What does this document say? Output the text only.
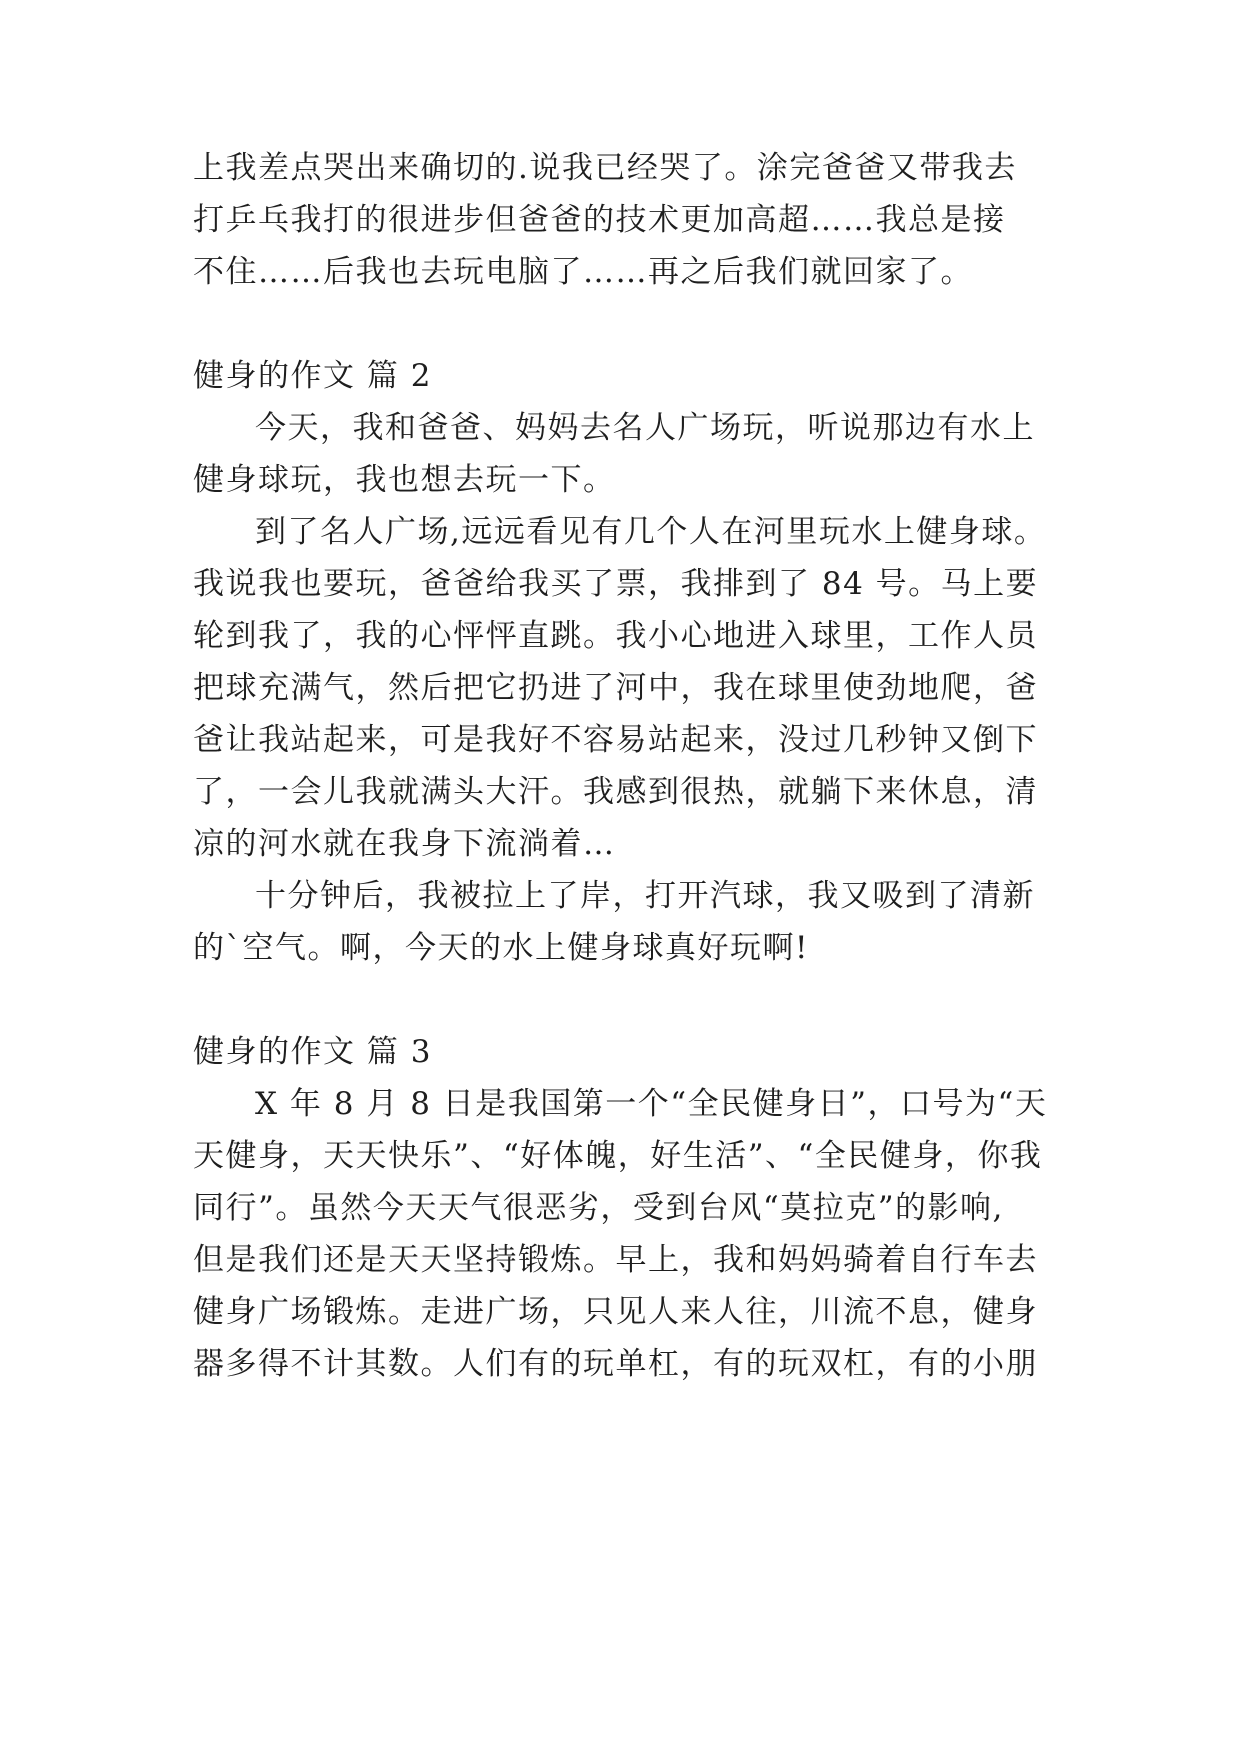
上我差点哭出来确切的.说我已经哭了。涂完爸爸又带我去
打乒乓我打的很进步但爸爸的技术更加高超……我总是接
不住……后我也去玩电脑了……再之后我们就回家了。
健身的作文 篇 2
今天，我和爸爸、妈妈去名人广场玩，听说那边有水上
健身球玩，我也想去玩一下。
到了名人广场,远远看见有几个人在河里玩水上健身球。
我说我也要玩，爸爸给我买了票，我排到了 84 号。马上要
轮到我了，我的心怦怦直跳。我小心地进入球里，工作人员
把球充满气，然后把它扔进了河中，我在球里使劲地爬，爸
爸让我站起来，可是我好不容易站起来，没过几秒钟又倒下
了，一会儿我就满头大汗。我感到很热，就躺下来休息，清
凉的河水就在我身下流淌着…
十分钟后，我被拉上了岸，打开汽球，我又吸到了清新
的`空气。啊，今天的水上健身球真好玩啊!
健身的作文 篇 3
X 年 8 月 8 日是我国第一个“全民健身日”，口号为“天
天健身，天天快乐”、“好体魄，好生活”、“全民健身，你我
同行”。虽然今天天气很恶劣，受到台风“莫拉克”的影响,
但是我们还是天天坚持锻炼。早上，我和妈妈骑着自行车去
健身广场锻炼。走进广场，只见人来人往，川流不息，健身
器多得不计其数。人们有的玩单杠，有的玩双杠，有的小朋
